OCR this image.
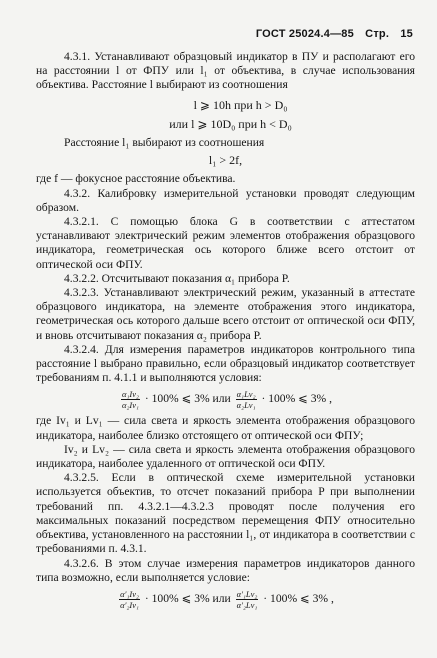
ГОСТ 25024.4—85 Стр. 15

4.3.1. Устанавливают образцовый индикатор в ПУ и располагают его на расстоянии l от ФПУ или l₁ от объектива, в случае использования объектива. Расстояние l выбирают из соотношения

l ⩾ 10h при h > D₀
или l ⩾ 10D₀ при h < D₀

Расстояние l₁ выбирают из соотношения

l₁ > 2f,

где f — фокусное расстояние объектива.

4.3.2. Калибровку измерительной установки проводят следующим образом.

4.3.2.1. С помощью блока G в соответствии с аттестатом устанавливают электрический режим элементов отображения образцового индикатора, геометрическая ось которого ближе всего отстоит от оптической оси ФПУ.

4.3.2.2. Отсчитывают показания α₁ прибора P.

4.3.2.3. Устанавливают электрический режим, указанный в аттестате образцового индикатора, на элементе отображения этого индикатора, геометрическая ось которого дальше всего отстоит от оптической оси ФПУ, и вновь отсчитывают показания α₂ прибора P.

4.3.2.4. Для измерения параметров индикаторов контрольного типа расстояние l выбрано правильно, если образцовый индикатор соответствует требованиям п. 4.1.1 и выполняются условия:

$\frac{\text{α₁Iv₂}}{\text{α₂Iv₁}} \cdot 100\%$ ⩽ 3% или $\frac{\text{α₁Lv₂}}{\text{α₂Lv₁}} \cdot 100\%$ ⩽ 3% ,

где Iv₁ и Lv₁ — сила света и яркость элемента отображения образцового индикатора, наиболее близко отстоящего от оптической оси ФПУ;

Iv₂ и Lv₂ — сила света и яркость элемента отображения образцового индикатора, наиболее удаленного от оптической оси ФПУ.

4.3.2.5. Если в оптической схеме измерительной установки используется объектив, то отсчет показаний прибора P при выполнении требований пп. 4.3.2.1—4.3.2.3 проводят после получения его максимальных показаний посредством перемещения ФПУ относительно объектива, установленного на расстоянии l₁, от индикатора в соответствии с требованиями п. 4.3.1.

4.3.2.6. В этом случае измерения параметров индикаторов данного типа возможно, если выполняется условие:

$\frac{\text{α′₁Iv₂}}{\text{α′₂Iv₁}} \cdot 100\%$ ⩽ 3% или $\frac{\text{α′₁Lv₂}}{\text{α′₂Lv₁}} \cdot 100\%$ ⩽ 3% ,
